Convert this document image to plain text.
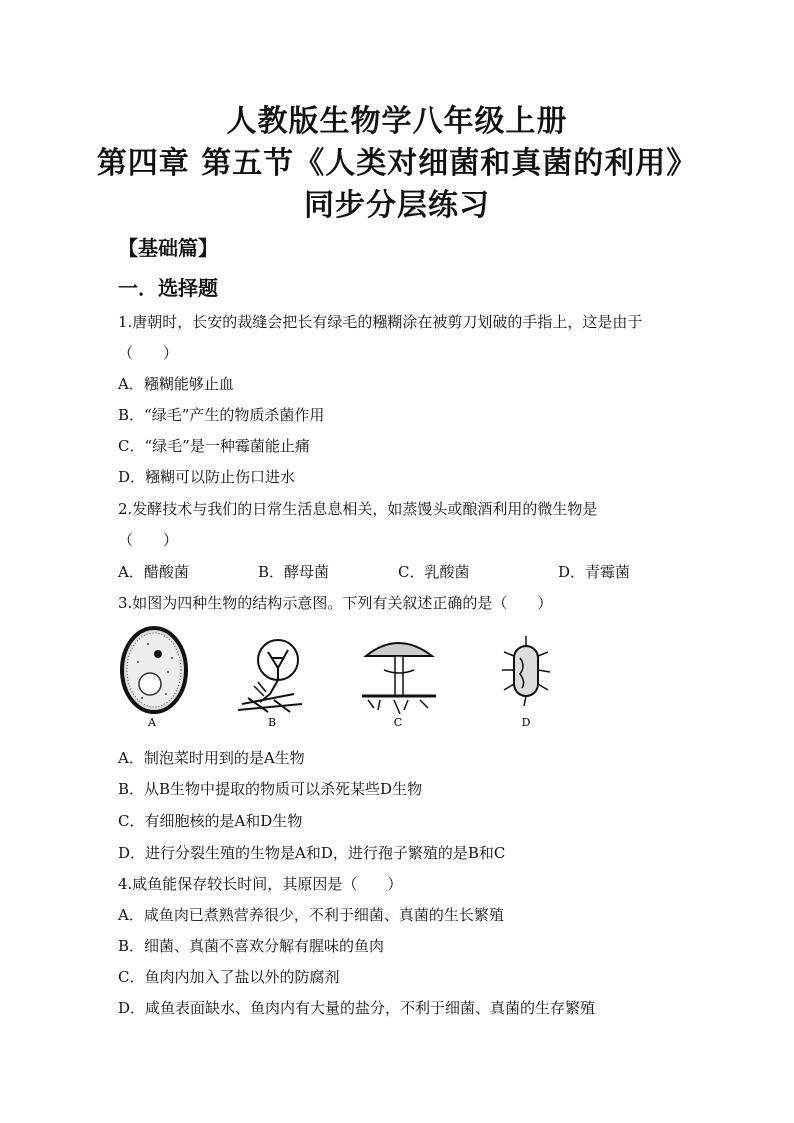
人教版生物学八年级上册
第四章 第五节《人类对细菌和真菌的利用》
同步分层练习
【基础篇】
一．选择题
1.唐朝时，长安的裁缝会把长有绿毛的糨糊涂在被剪刀划破的手指上，这是由于
（　　）
A．糨糊能够止血
B．“绿毛”产生的物质杀菌作用
C．“绿毛”是一种霉菌能止痛
D．糨糊可以防止伤口进水
2.发酵技术与我们的日常生活息息相关，如蒸馒头或酿酒利用的微生物是
（　　）
A．醋酸菌	B．酵母菌	C．乳酸菌	D．青霉菌
3.如图为四种生物的结构示意图。下列有关叙述正确的是（　　）
A	B	C	D
A．制泡菜时用到的是A生物
B．从B生物中提取的物质可以杀死某些D生物
C．有细胞核的是A和D生物
D．进行分裂生殖的生物是A和D，进行孢子繁殖的是B和C
4.咸鱼能保存较长时间，其原因是（　　）
A．咸鱼肉已煮熟营养很少，不利于细菌、真菌的生长繁殖
B．细菌、真菌不喜欢分解有腥味的鱼肉
C．鱼肉内加入了盐以外的防腐剂
D．咸鱼表面缺水、鱼肉内有大量的盐分，不利于细菌、真菌的生存繁殖
